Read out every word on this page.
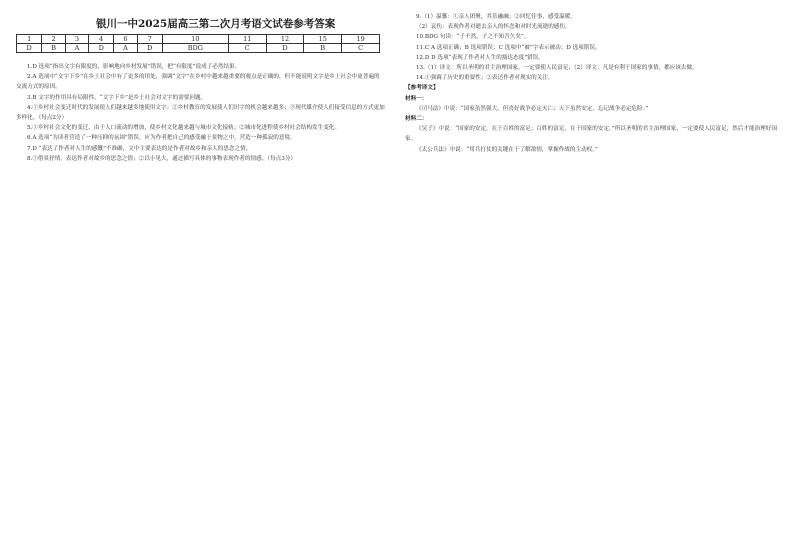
银川一中2025届高三第二次月考语文试卷参考答案
1	2	3	4	6	7	10	11	12	15	19
D	B	A	D	A	D	BDG	C	D	B	C

1.D 选项“指出文字有限度的，影响地向乡村发展”错误，把“有限度”说成了必然结果。

2.A 选项中“文字下乡”在乡土社会中有了更多的用处，强调“文字”在乡村中越来越重要的观点是正确的，但不能说明文字是乡土社会中更普遍的交流方式的原因。

3.B 文字的作用具有局限性，“文字下乡”是乡土社会对文字的需要问题。

4.①乡村社会变迁时代的发展使人们越来越多地使用文字；②乡村教育的发展使人们识字的机会越来越多；③现代媒介使人们接受信息的方式更加多样化。（每点2分）

5.①乡村社会文化的变迁，由于人口流动的增加，使乡村文化越来越与城市文化接轨；②城市化进程使乡村社会结构发生变化。

6.A 选项“为读者营造了一种压抑的氛围”错误，应为作者把自己的感受融于景物之中，营造一种孤寂的意境。

7.D “表达了作者对人生的感慨”不准确，文中主要表达的是作者对故乡和亲人的思念之情。

8.①借景抒情，表达作者对故乡的思念之情；②以小见大，通过描写具体的事物表现作者的情感。（每点3分）

9.（1）温馨：①亲人团聚，其乐融融；②回忆往事，感受温暖。

（2）哀伤：表现作者对逝去亲人的怀念和对时光流逝的感伤。

10.BDG 句读：“子不然，子之不知吾久矣”。

11.C A 选项正确；B 选项错误；C 选项中“被”字表示被动；D 选项错误。

12.D D 选项“表现了作者对人生的豁达态度”错误。

13.（1）译文：所以圣明的君主治理国家，一定要使人民富足；（2）译文：凡是有利于国家的事情，都应该去做。

14.①强调了历史的重要性；②表达作者对现实的关注。

【参考译文】

材料一：

《司马法》中说：“国家虽然强大，但喜好战争必定灭亡；天下虽然安定，忘记战争必定危险。”

材料二：

《吴子》中说：“国家的安定，在于百姓的富足；百姓的富足，在于国家的安定。”所以圣明的君主治理国家，一定要使人民富足，然后才能治理好国家。

《太公兵法》中说：“用兵打仗的关键在于了解敌情，掌握作战的主动权。”
